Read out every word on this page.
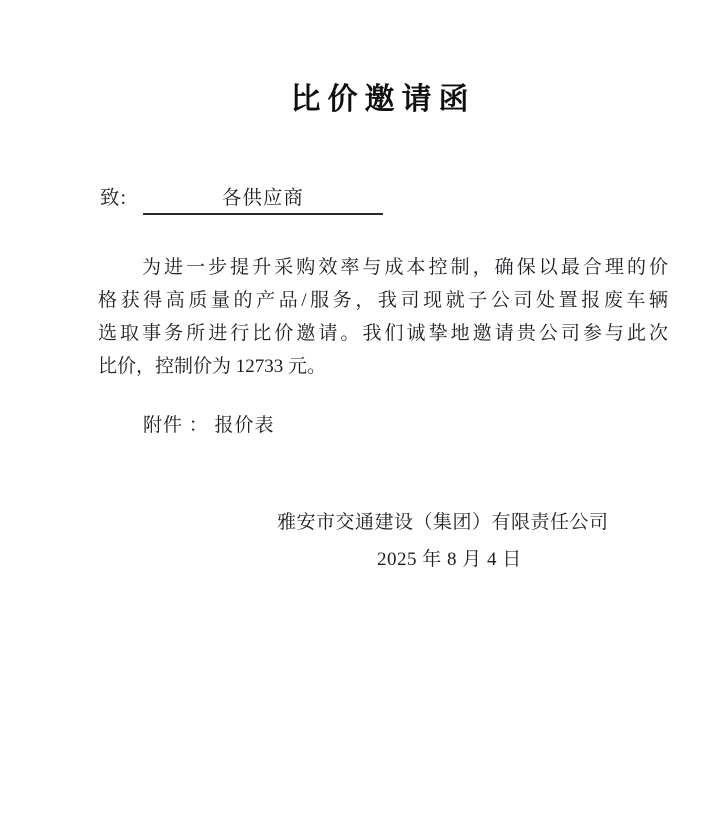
比价邀请函
致:	各供应商
为进一步提升采购效率与成本控制，确保以最合理的价
格获得高质量的产品/服务，我司现就子公司处置报废车辆
选取事务所进行比价邀请。我们诚挚地邀请贵公司参与此次
比价，控制价为 12733 元。
附件 ： 报价表
雅安市交通建设（集团）有限责任公司
2025 年 8 月 4 日
